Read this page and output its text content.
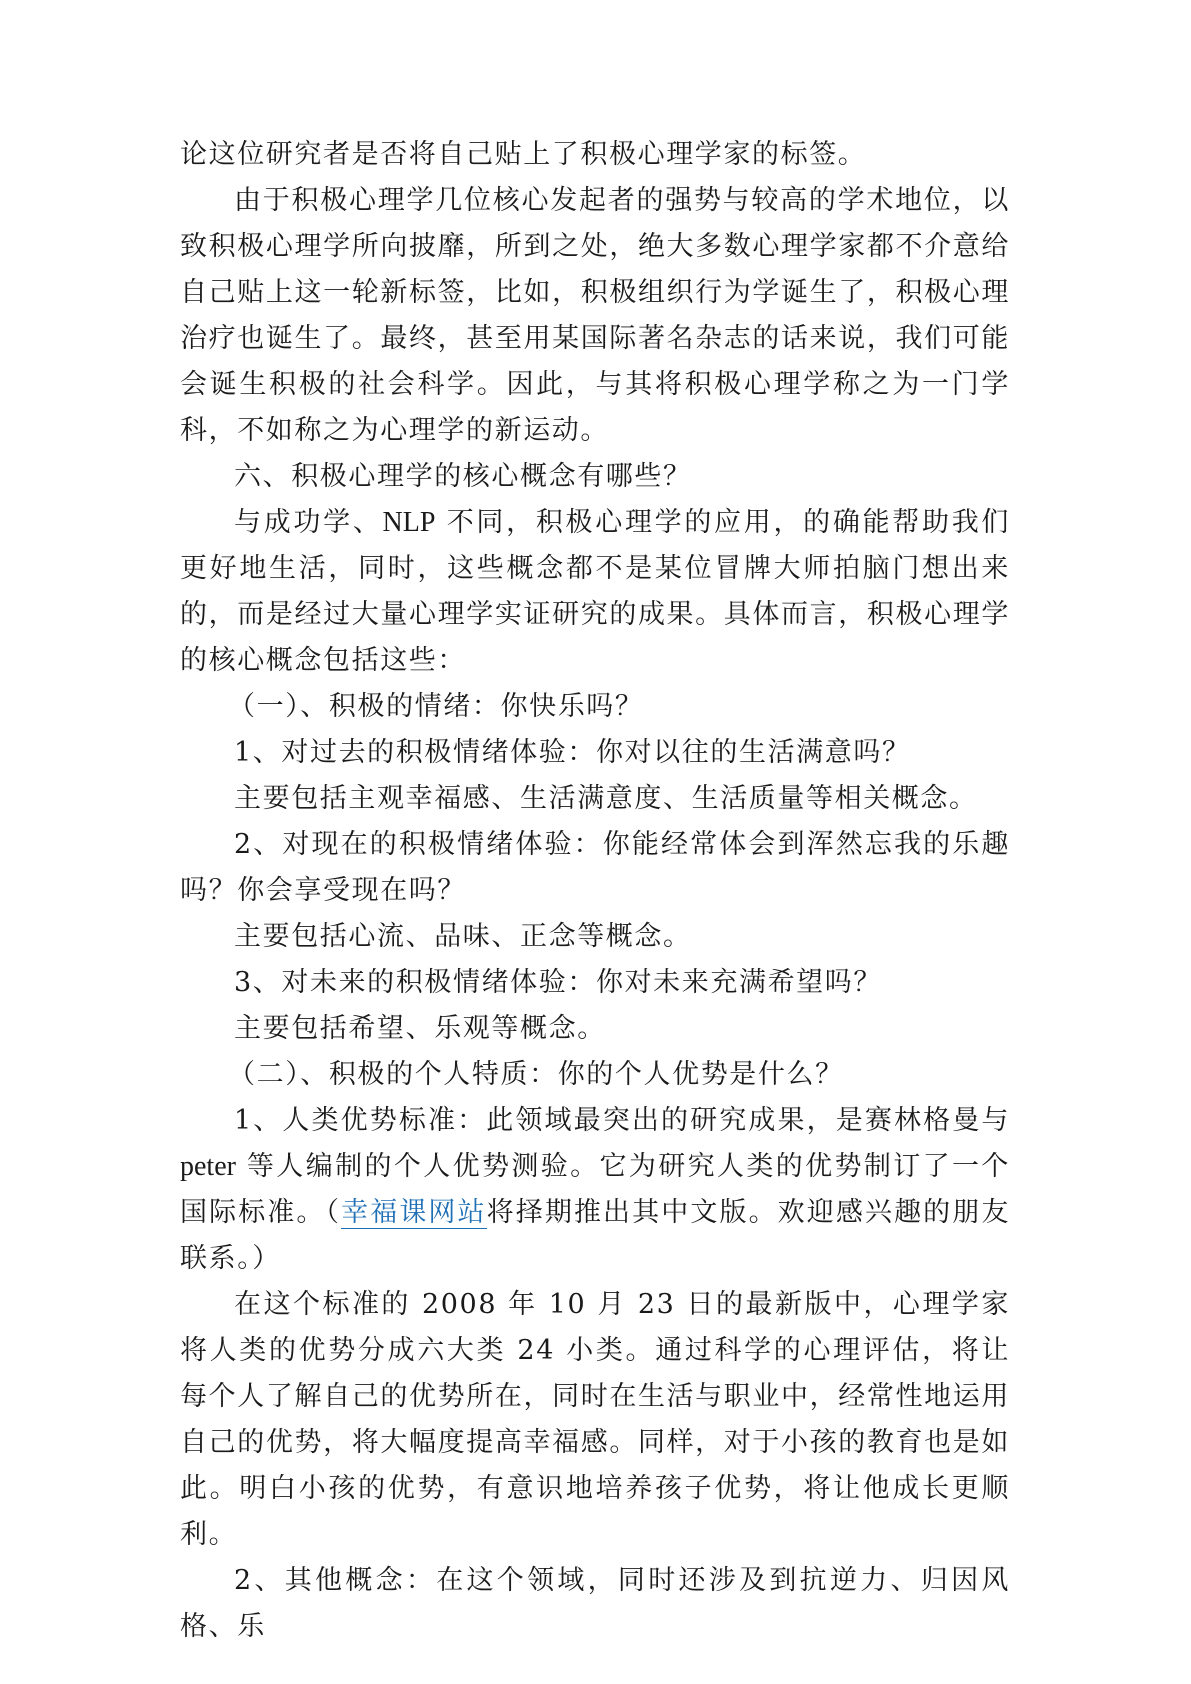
论这位研究者是否将自己贴上了积极心理学家的标签。

由于积极心理学几位核心发起者的强势与较高的学术地位，以致积极心理学所向披靡，所到之处，绝大多数心理学家都不介意给自己贴上这一轮新标签，比如，积极组织行为学诞生了，积极心理治疗也诞生了。最终，甚至用某国际著名杂志的话来说，我们可能会诞生积极的社会科学。因此，与其将积极心理学称之为一门学科，不如称之为心理学的新运动。

六、积极心理学的核心概念有哪些？

与成功学、NLP 不同，积极心理学的应用，的确能帮助我们更好地生活，同时，这些概念都不是某位冒牌大师拍脑门想出来的，而是经过大量心理学实证研究的成果。具体而言，积极心理学的核心概念包括这些：

（一）、积极的情绪：你快乐吗？

1、对过去的积极情绪体验：你对以往的生活满意吗？

主要包括主观幸福感、生活满意度、生活质量等相关概念。

2、对现在的积极情绪体验：你能经常体会到浑然忘我的乐趣吗？你会享受现在吗？

主要包括心流、品味、正念等概念。

3、对未来的积极情绪体验：你对未来充满希望吗？

主要包括希望、乐观等概念。

（二）、积极的个人特质：你的个人优势是什么？

1、人类优势标准：此领域最突出的研究成果，是赛林格曼与peter 等人编制的个人优势测验。它为研究人类的优势制订了一个国际标准。（幸福课网站将择期推出其中文版。欢迎感兴趣的朋友联系。）

在这个标准的 2008 年 10 月 23 日的最新版中，心理学家将人类的优势分成六大类 24 小类。通过科学的心理评估，将让每个人了解自己的优势所在，同时在生活与职业中，经常性地运用自己的优势，将大幅度提高幸福感。同样，对于小孩的教育也是如此。明白小孩的优势，有意识地培养孩子优势，将让他成长更顺利。

2、其他概念：在这个领域，同时还涉及到抗逆力、归因风格、乐
